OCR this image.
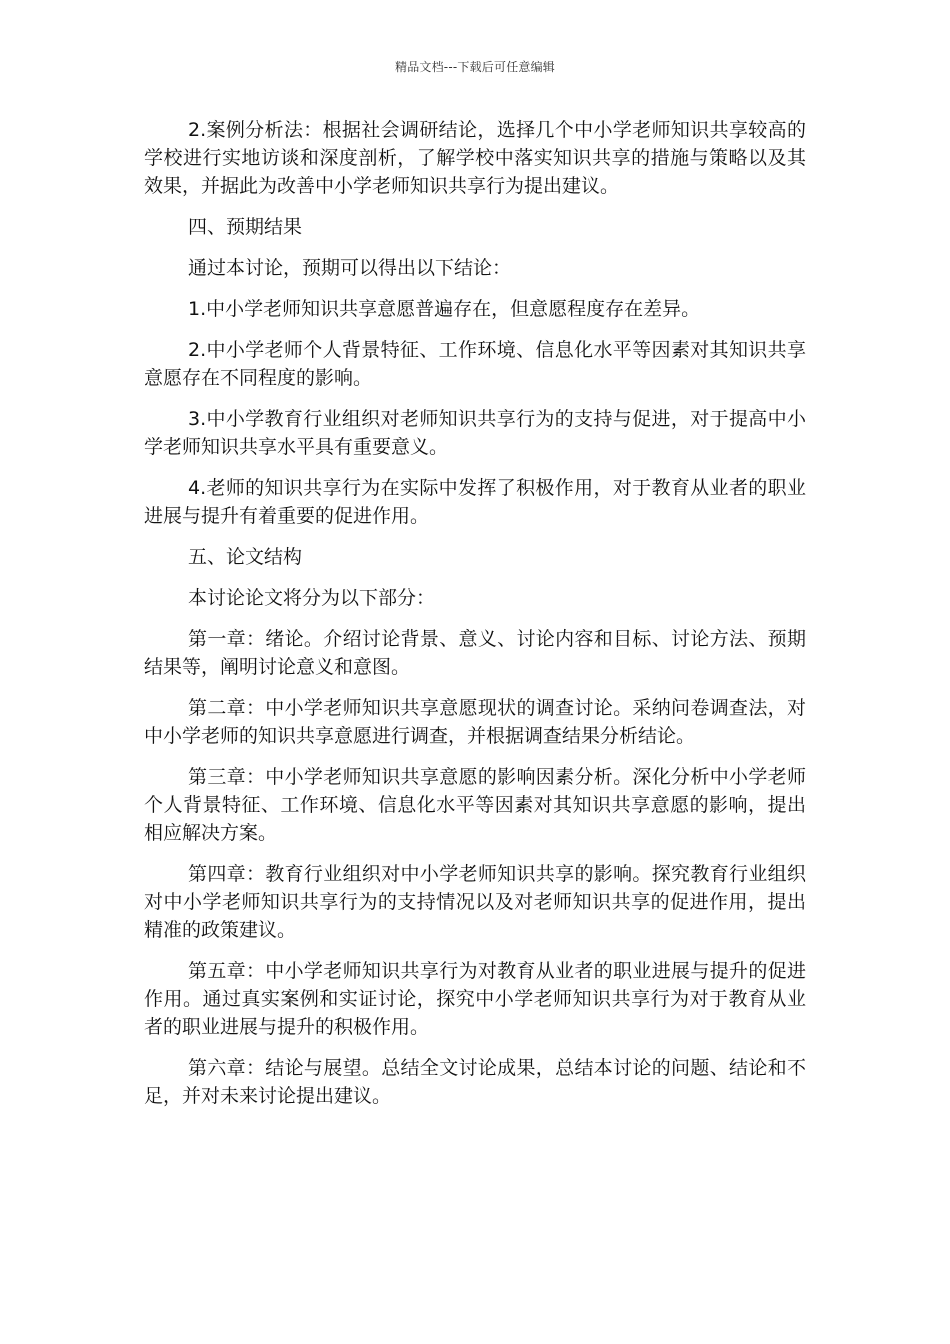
精品文档---下载后可任意编辑

2.案例分析法：根据社会调研结论，选择几个中小学老师知识共享较高的学校进行实地访谈和深度剖析，了解学校中落实知识共享的措施与策略以及其效果，并据此为改善中小学老师知识共享行为提出建议。

四、预期结果

通过本讨论，预期可以得出以下结论：

1.中小学老师知识共享意愿普遍存在，但意愿程度存在差异。

2.中小学老师个人背景特征、工作环境、信息化水平等因素对其知识共享意愿存在不同程度的影响。

3.中小学教育行业组织对老师知识共享行为的支持与促进，对于提高中小学老师知识共享水平具有重要意义。

4.老师的知识共享行为在实际中发挥了积极作用，对于教育从业者的职业进展与提升有着重要的促进作用。

五、论文结构

本讨论论文将分为以下部分：

第一章：绪论。介绍讨论背景、意义、讨论内容和目标、讨论方法、预期结果等，阐明讨论意义和意图。

第二章：中小学老师知识共享意愿现状的调查讨论。采纳问卷调查法，对中小学老师的知识共享意愿进行调查，并根据调查结果分析结论。

第三章：中小学老师知识共享意愿的影响因素分析。深化分析中小学老师个人背景特征、工作环境、信息化水平等因素对其知识共享意愿的影响，提出相应解决方案。

第四章：教育行业组织对中小学老师知识共享的影响。探究教育行业组织对中小学老师知识共享行为的支持情况以及对老师知识共享的促进作用，提出精准的政策建议。

第五章：中小学老师知识共享行为对教育从业者的职业进展与提升的促进作用。通过真实案例和实证讨论，探究中小学老师知识共享行为对于教育从业者的职业进展与提升的积极作用。

第六章：结论与展望。总结全文讨论成果，总结本讨论的问题、结论和不足，并对未来讨论提出建议。
